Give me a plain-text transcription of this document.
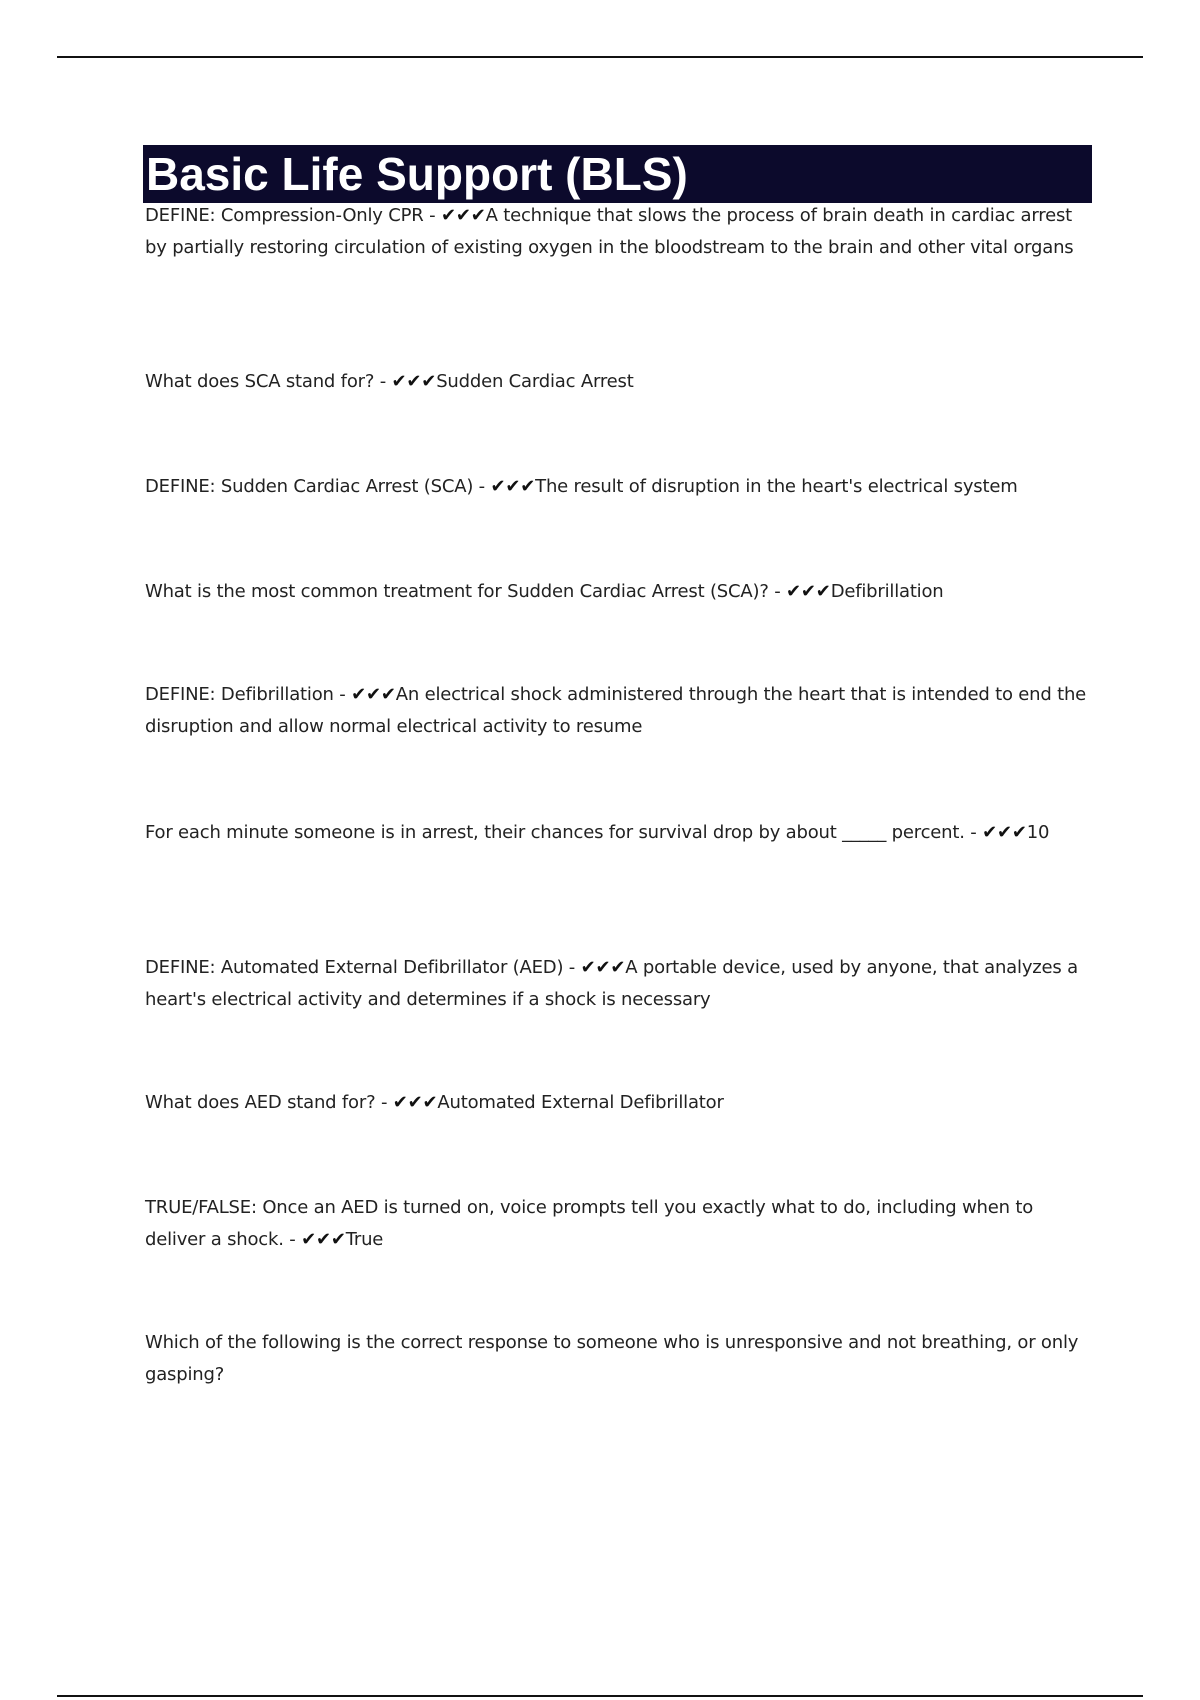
Basic Life Support (BLS)
DEFINE: Compression-Only CPR - ✔✔✔A technique that slows the process of brain death in cardiac arrest by partially restoring circulation of existing oxygen in the bloodstream to the brain and other vital organs
What does SCA stand for? - ✔✔✔Sudden Cardiac Arrest
DEFINE: Sudden Cardiac Arrest (SCA) - ✔✔✔The result of disruption in the heart's electrical system
What is the most common treatment for Sudden Cardiac Arrest (SCA)? - ✔✔✔Defibrillation
DEFINE: Defibrillation - ✔✔✔An electrical shock administered through the heart that is intended to end the disruption and allow normal electrical activity to resume
For each minute someone is in arrest, their chances for survival drop by about _____ percent. - ✔✔✔10
DEFINE: Automated External Defibrillator (AED) - ✔✔✔A portable device, used by anyone, that analyzes a heart's electrical activity and determines if a shock is necessary
What does AED stand for? - ✔✔✔Automated External Defibrillator
TRUE/FALSE: Once an AED is turned on, voice prompts tell you exactly what to do, including when to deliver a shock. - ✔✔✔True
Which of the following is the correct response to someone who is unresponsive and not breathing, or only gasping?
